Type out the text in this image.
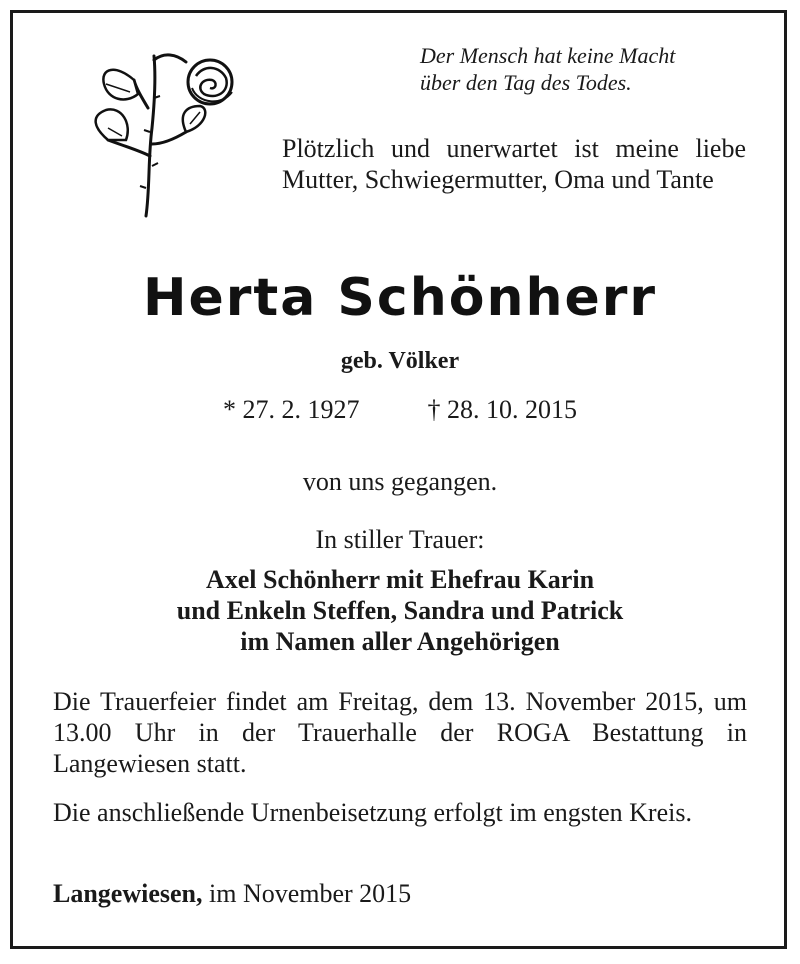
Der Mensch hat keine Macht
über den Tag des Todes.
Plötzlich und unerwartet ist meine liebe Mutter, Schwiegermutter, Oma und Tante
Herta Schönherr
geb. Völker
* 27. 2. 1927	† 28. 10. 2015
von uns gegangen.
In stiller Trauer:
Axel Schönherr mit Ehefrau Karin
und Enkeln Steffen, Sandra und Patrick
im Namen aller Angehörigen
Die Trauerfeier findet am Freitag, dem 13. November 2015, um 13.00 Uhr in der Trauerhalle der ROGA Bestattung in Langewiesen statt.
Die anschließende Urnenbeisetzung erfolgt im engsten Kreis.
Langewiesen, im November 2015
